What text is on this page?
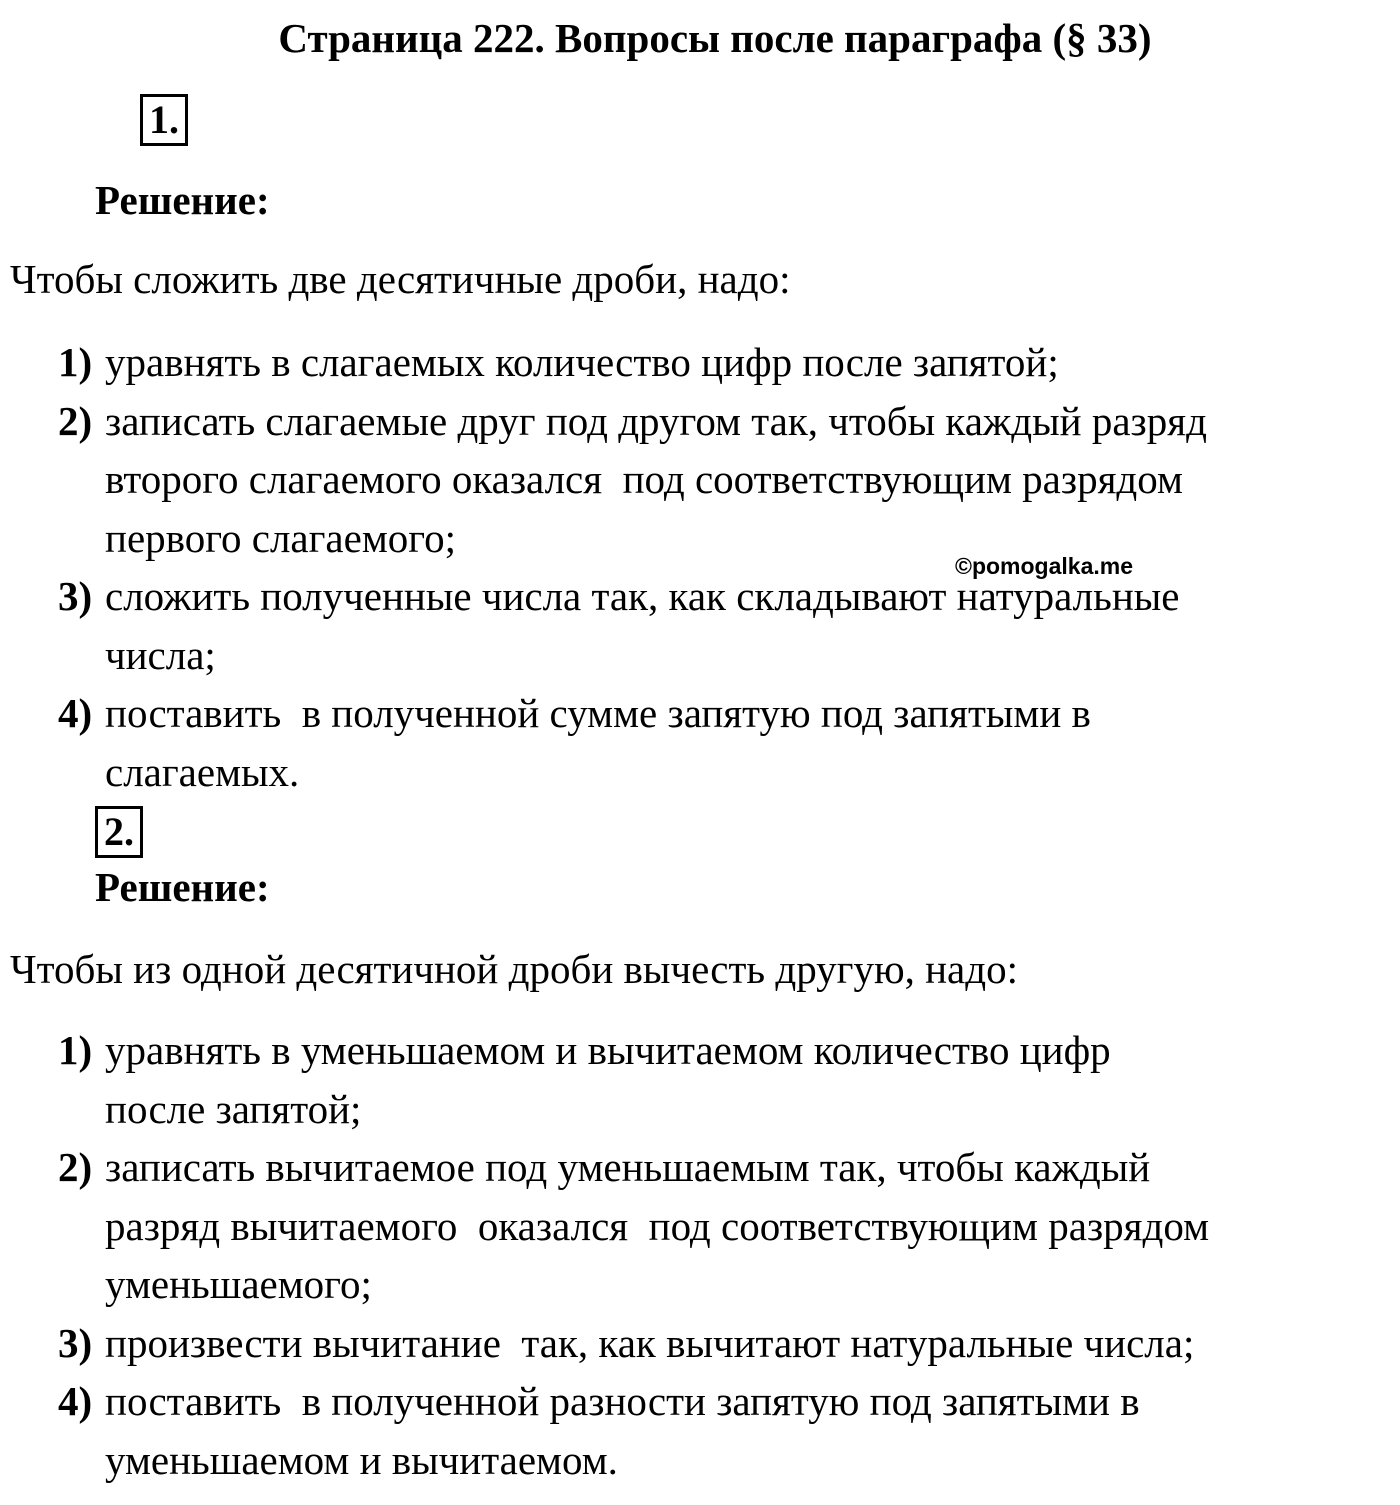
Страница 222. Вопросы после параграфа (§ 33)
1.
Решение:
Чтобы сложить две десятичные дроби, надо:
1) уравнять в слагаемых количество цифр после запятой;
2) записать слагаемые друг под другом так, чтобы каждый разряд
второго слагаемого оказался  под соответствующим разрядом
первого слагаемого;
3) сложить полученные числа так, как складывают натуральные
числа;
4) поставить  в полученной сумме запятую под запятыми в
слагаемых.
©pomogalka.me
2.
Решение:
Чтобы из одной десятичной дроби вычесть другую, надо:
1) уравнять в уменьшаемом и вычитаемом количество цифр
после запятой;
2) записать вычитаемое под уменьшаемым так, чтобы каждый
разряд вычитаемого  оказался  под соответствующим разрядом
уменьшаемого;
3) произвести вычитание  так, как вычитают натуральные числа;
4) поставить  в полученной разности запятую под запятыми в
уменьшаемом и вычитаемом.
